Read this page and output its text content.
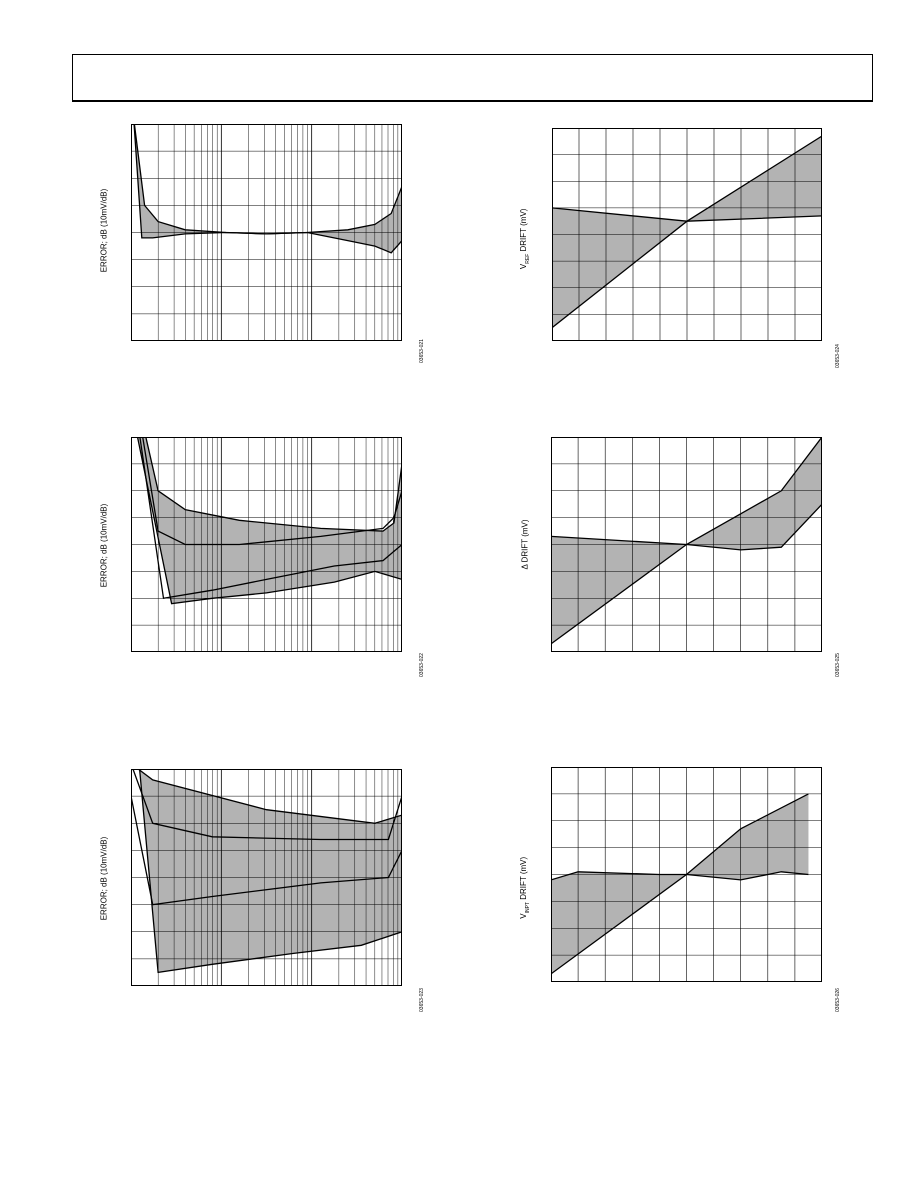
ERROR; dB (10mV/dB)
03653-021
$V_{REF}$ DRIFT (mV)
03653-024
ERROR; dB (10mV/dB)
03653-022
Δ DRIFT (mV)
03653-025
ERROR; dB (10mV/dB)
03653-023
$V_{INPT}$ DRIFT (mV)
03653-026
